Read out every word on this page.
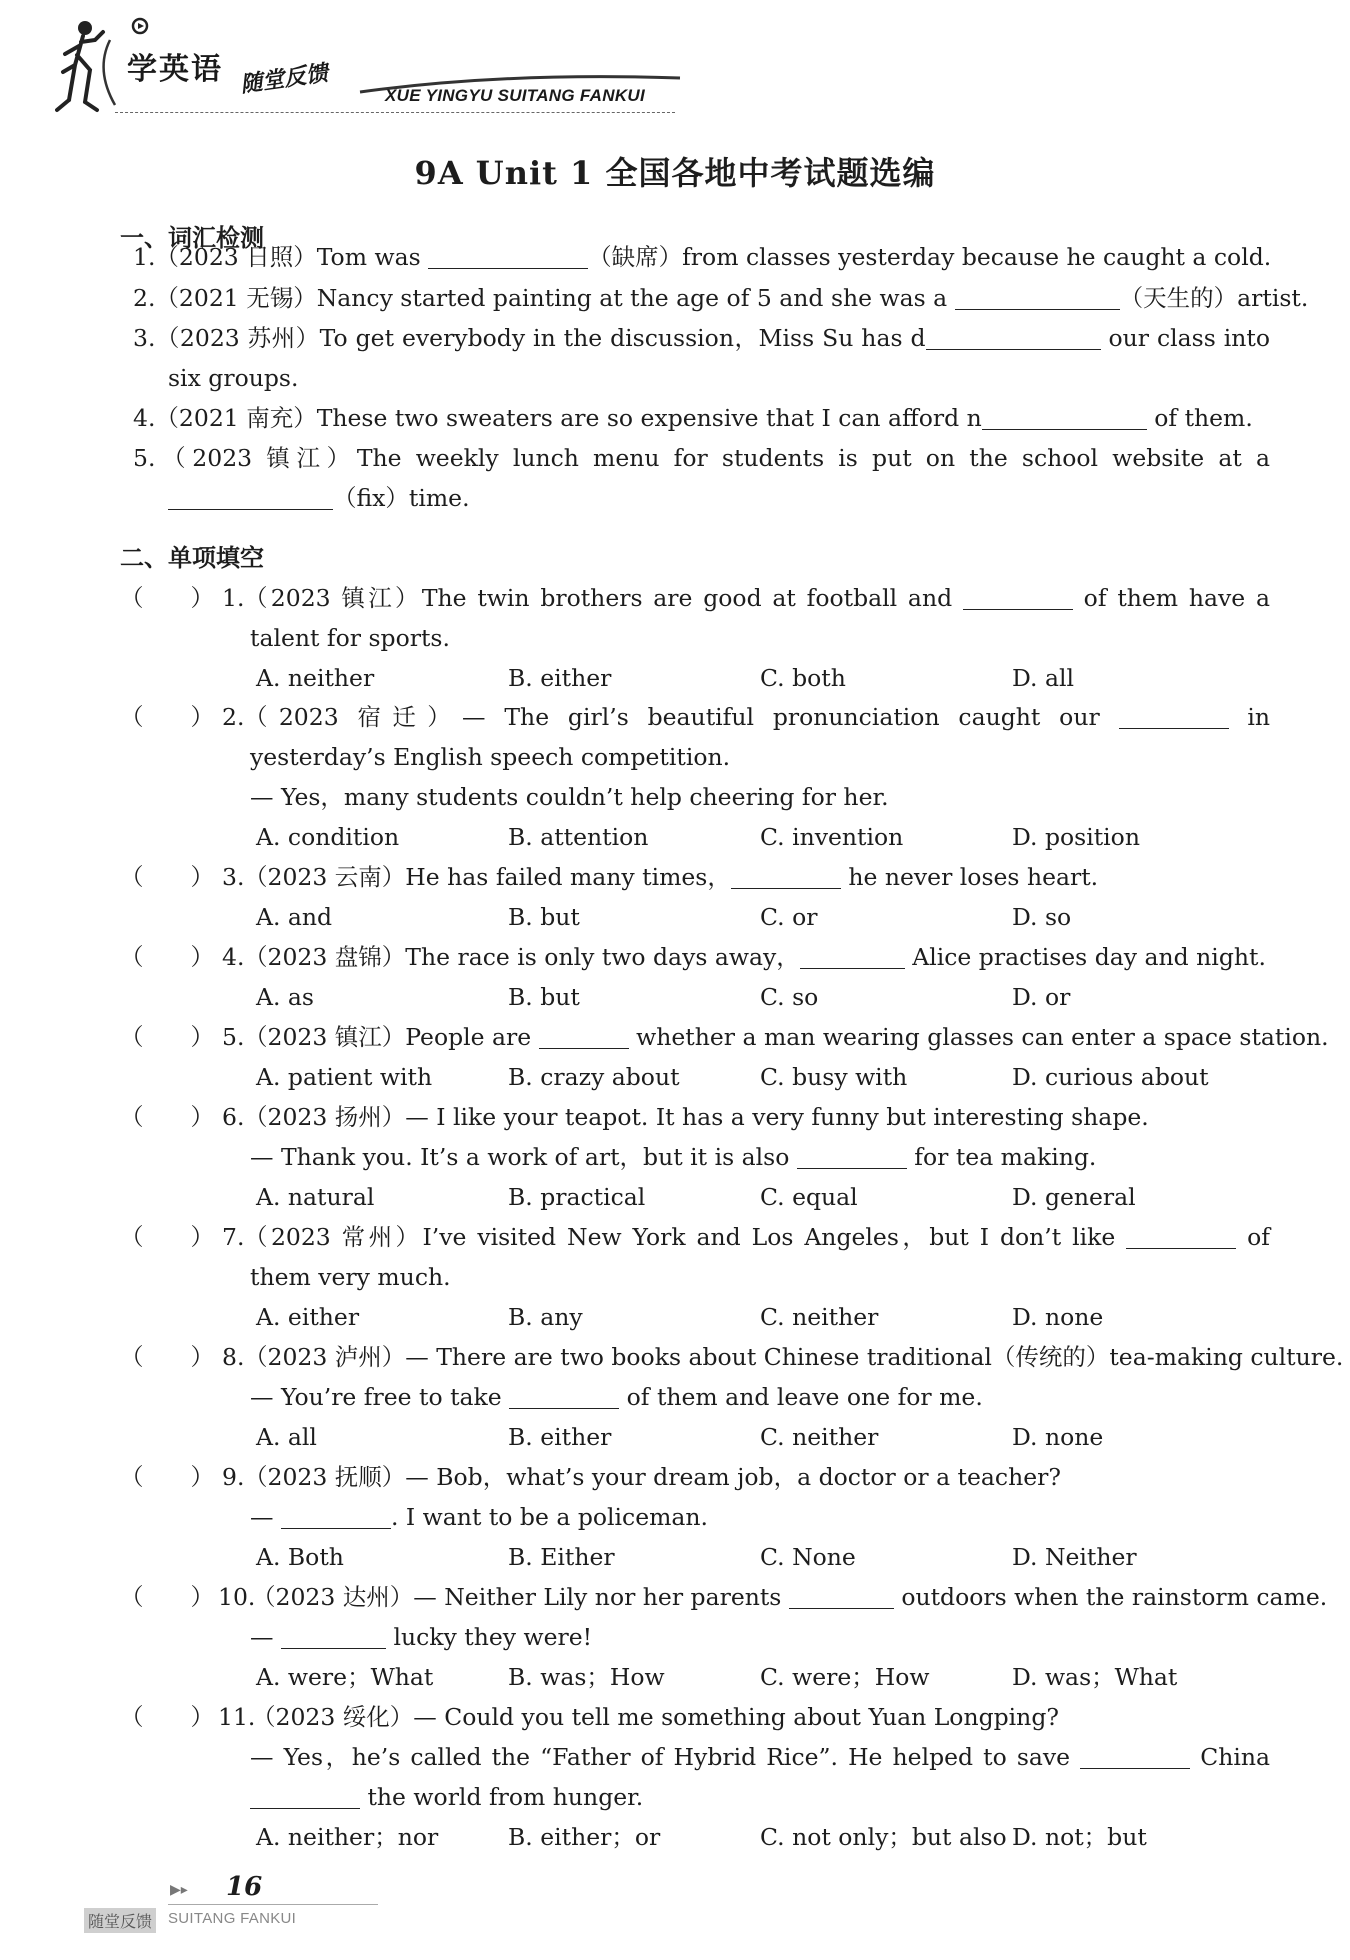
学英语 随堂反馈	XUE YINGYU SUITANG FANKUI
9A Unit 1 全国各地中考试题选编
一、词汇检测
1.（2023 日照）Tom was	（缺席）from classes yesterday because he caught a cold.
2.（2021 无锡）Nancy started painting at the age of 5 and she was a	（天生的）artist.
3.（2023 苏州）To get everybody in the discussion，Miss Su has d	our class into
six groups.
4.（2021 南充）These two sweaters are so expensive that I can afford n	of them.
5.（2023 镇江）The weekly lunch menu for students is put on the school website at a
（fix）time.
二、单项填空
（　　） 1. （2023 镇江）The twin brothers are good at football and	of them have a
talent for sports.
A. neither	B. either	C. both	D. all
（　　） 2. （2023 宿迁）— The girl’s beautiful pronunciation caught our	in
yesterday’s English speech competition.
— Yes，many students couldn’t help cheering for her.
A. condition	B. attention	C. invention	D. position
（　　） 3. （2023 云南）He has failed many times，	he never loses heart.
A. and	B. but	C. or	D. so
（　　） 4. （2023 盘锦）The race is only two days away，	Alice practises day and night.
A. as	B. but	C. so	D. or
（　　） 5. （2023 镇江）People are	whether a man wearing glasses can enter a space station.
A. patient with	B. crazy about	C. busy with	D. curious about
（　　） 6. （2023 扬州）— I like your teapot. It has a very funny but interesting shape.
— Thank you. It’s a work of art，but it is also	for tea making.
A. natural	B. practical	C. equal	D. general
（　　） 7. （2023 常州）I’ve visited New York and Los Angeles，but I don’t like	of
them very much.
A. either	B. any	C. neither	D. none
（　　） 8. （2023 泸州）— There are two books about Chinese traditional（传统的）tea-making culture.
— You’re free to take	of them and leave one for me.
A. all	B. either	C. neither	D. none
（　　） 9. （2023 抚顺）— Bob，what’s your dream job，a doctor or a teacher?
—	. I want to be a policeman.
A. Both	B. Either	C. None	D. Neither
（　　） 10.
（2023 达州）— Neither Lily nor her parents	outdoors when the rainstorm came.
—	lucky they were!
A. were；What	B. was；How	C. were；How	D. was；What
（　　） 11.
（2023 绥化）— Could you tell me something about Yuan Longping?
— Yes，he’s called the “Father of Hybrid Rice”. He helped to save	China
the world from hunger.
A. neither；nor	B. either；or	C. not only；but also D. not；but
▶▸ 16
随堂反馈 SUITANG FANKUI
